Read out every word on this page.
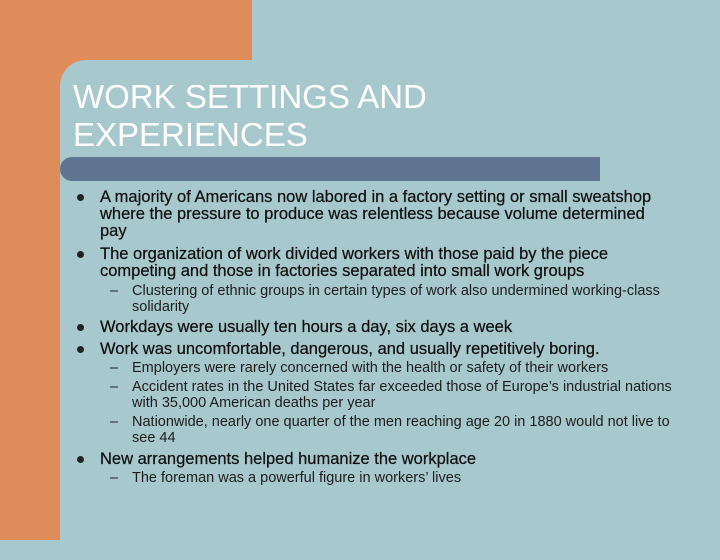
WORK SETTINGS AND
EXPERIENCES
A majority of Americans now labored in a factory setting or small sweatshop where the pressure to produce was relentless because volume determined pay
The organization of work divided workers with those paid by the piece competing and those in factories separated into small work groups
– Clustering of ethnic groups in certain types of work also undermined working-class solidarity
Workdays were usually ten hours a day, six days a week
Work was uncomfortable, dangerous, and usually repetitively boring.
– Employers were rarely concerned with the health or safety of their workers
– Accident rates in the United States far exceeded those of Europe’s industrial nations with 35,000 American deaths per year
– Nationwide, nearly one quarter of the men reaching age 20 in 1880 would not live to see 44
New arrangements helped humanize the workplace
– The foreman was a powerful figure in workers’ lives
